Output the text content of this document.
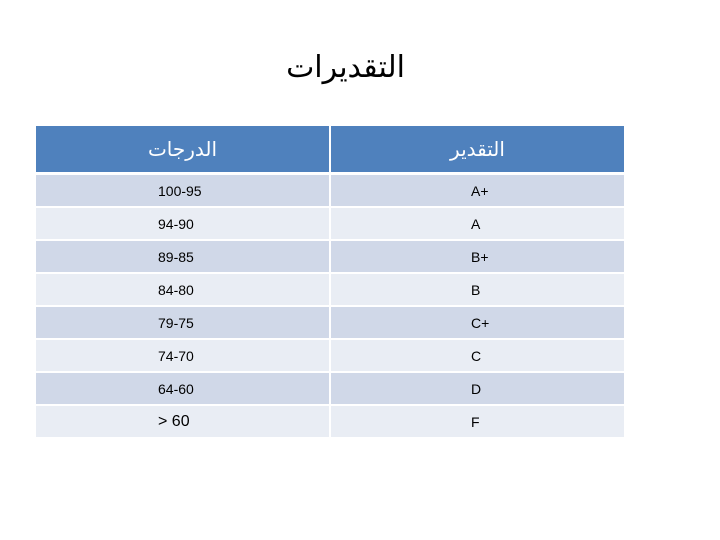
التقديرات
الدرجات	التقدير
100-95	A+
94-90	A
89-85	B+
84-80	B
79-75	C+
74-70	C
64-60	D
> 60	F
